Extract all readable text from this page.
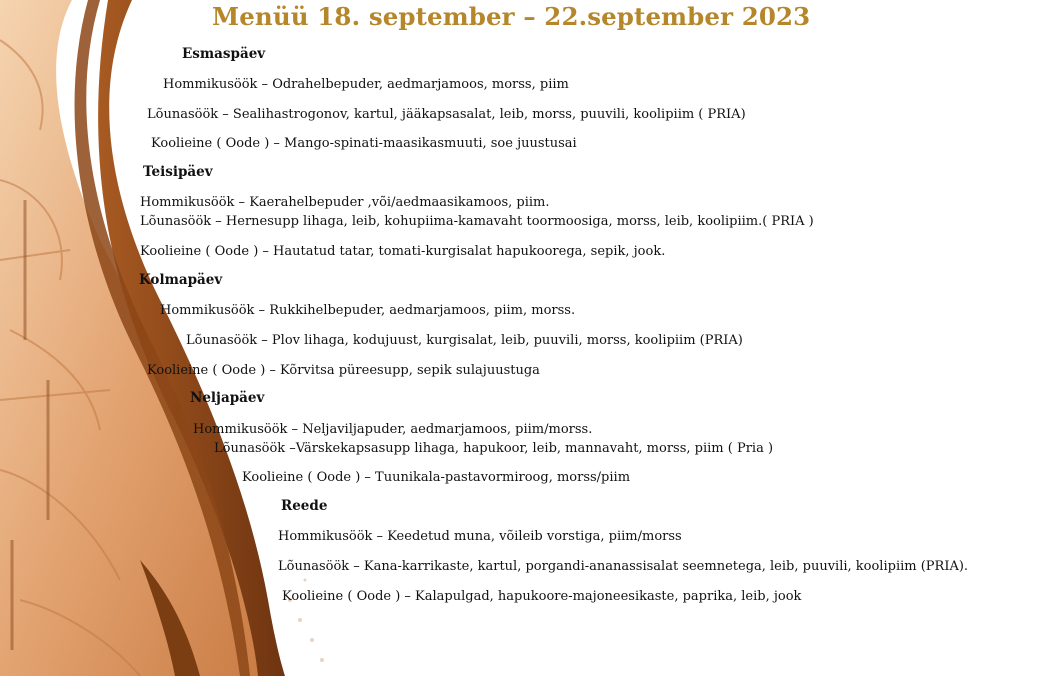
Menüü 18. september – 22.september 2023
Esmaspäev
Hommikusöök – Odrahelbepuder, aedmarjamoos, morss, piim
Lõunasöök – Sealihastrogonov, kartul, jääkapsasalat, leib, morss, puuvili, koolipiim ( PRIA)
Koolieine ( Oode ) – Mango-spinati-maasikasmuuti, soe juustusai
Teisipäev
Hommikusöök – Kaerahelbepuder ,või/aedmaasikamoos, piim.
Lõunasöök – Hernesupp lihaga, leib, kohupiima-kamavaht toormoosiga, morss, leib, koolipiim.( PRIA )
Koolieine ( Oode ) – Hautatud tatar, tomati-kurgisalat hapukoorega, sepik, jook.
Kolmapäev
Hommikusöök – Rukkihelbepuder, aedmarjamoos, piim, morss.
Lõunasöök – Plov lihaga, kodujuust, kurgisalat, leib, puuvili, morss, koolipiim (PRIA)
Koolieine ( Oode ) – Kõrvitsa püreesupp, sepik sulajuustuga
Neljapäev
Hommikusöök – Neljaviljapuder, aedmarjamoos, piim/morss.
Lõunasöök –Värskekapsasupp lihaga, hapukoor, leib, mannavaht, morss, piim ( Pria )
Koolieine ( Oode ) – Tuunikala-pastavormiroog, morss/piim
Reede
Hommikusöök – Keedetud muna, võileib vorstiga, piim/morss
Lõunasöök – Kana-karrikaste, kartul, porgandi-ananassisalat seemnetega, leib, puuvili, koolipiim (PRIA).
Koolieine ( Oode ) – Kalapulgad, hapukoore-majoneesikaste, paprika, leib, jook
